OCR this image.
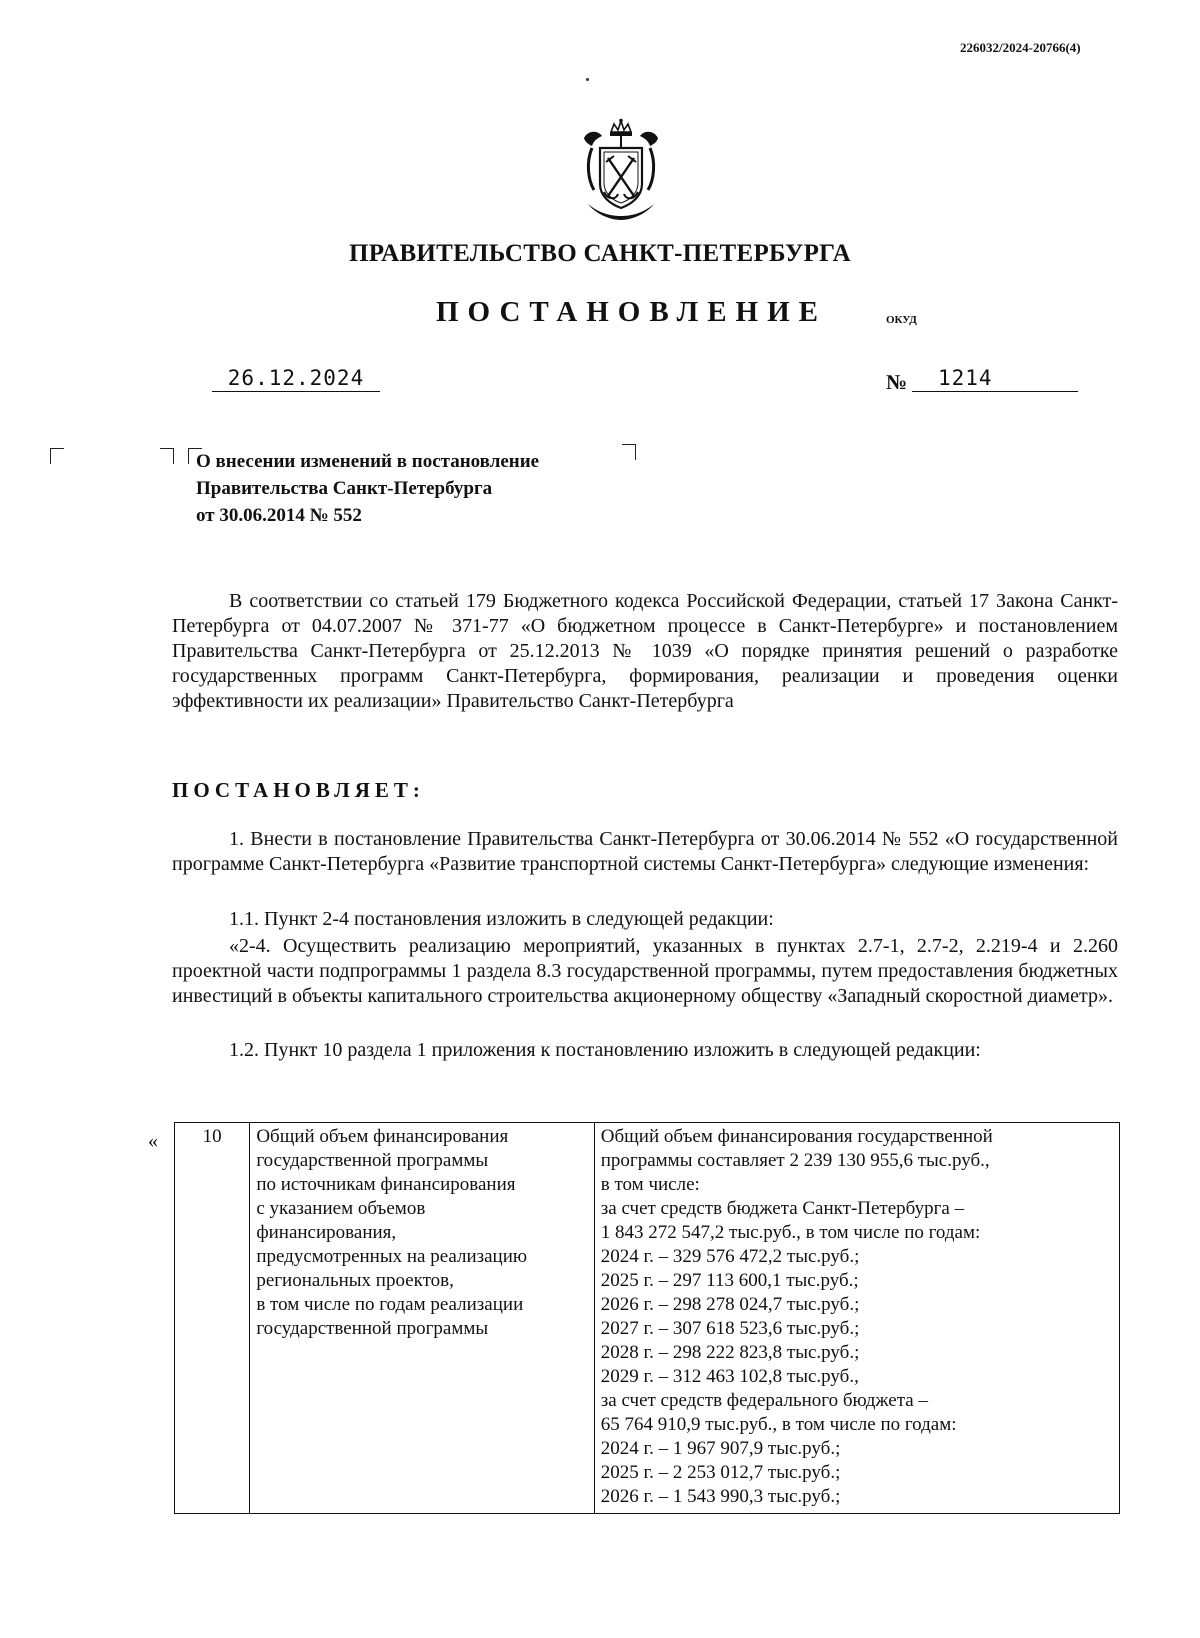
226032/2024-20766(4)
ПРАВИТЕЛЬСТВО САНКТ-ПЕТЕРБУРГА
ПОСТАНОВЛЕНИЕ	ОКУД
26.12.2024	№	1214
О внесении изменений в постановление
Правительства Санкт-Петербурга
от 30.06.2014 № 552
В соответствии со статьей 179 Бюджетного кодекса Российской Федерации, статьей 17 Закона Санкт-Петербурга от 04.07.2007 № 371-77 «О бюджетном процессе в Санкт-Петербурге» и постановлением Правительства Санкт-Петербурга от 25.12.2013 № 1039 «О порядке принятия решений о разработке государственных программ Санкт-Петербурга, формирования, реализации и проведения оценки эффективности их реализации» Правительство Санкт-Петербурга
ПОСТАНОВЛЯЕТ:
1. Внести в постановление Правительства Санкт-Петербурга от 30.06.2014 № 552 «О государственной программе Санкт-Петербурга «Развитие транспортной системы Санкт-Петербурга» следующие изменения:
1.1. Пункт 2-4 постановления изложить в следующей редакции:
«2-4. Осуществить реализацию мероприятий, указанных в пунктах 2.7-1, 2.7-2, 2.219-4 и 2.260 проектной части подпрограммы 1 раздела 8.3 государственной программы, путем предоставления бюджетных инвестиций в объекты капитального строительства акционерному обществу «Западный скоростной диаметр».
1.2. Пункт 10 раздела 1 приложения к постановлению изложить в следующей редакции:
« 10	Общий объем финансирования
государственной программы
по источникам финансирования
с указанием объемов
финансирования,
предусмотренных на реализацию
региональных проектов,
в том числе по годам реализации
государственной программы

Общий объем финансирования государственной
программы составляет 2 239 130 955,6 тыс.руб.,
в том числе:
за счет средств бюджета Санкт-Петербурга –
1 843 272 547,2 тыс.руб., в том числе по годам:
2024 г. – 329 576 472,2 тыс.руб.;
2025 г. – 297 113 600,1 тыс.руб.;
2026 г. – 298 278 024,7 тыс.руб.;
2027 г. – 307 618 523,6 тыс.руб.;
2028 г. – 298 222 823,8 тыс.руб.;
2029 г. – 312 463 102,8 тыс.руб.,
за счет средств федерального бюджета –
65 764 910,9 тыс.руб., в том числе по годам:
2024 г. – 1 967 907,9 тыс.руб.;
2025 г. – 2 253 012,7 тыс.руб.;
2026 г. – 1 543 990,3 тыс.руб.;
